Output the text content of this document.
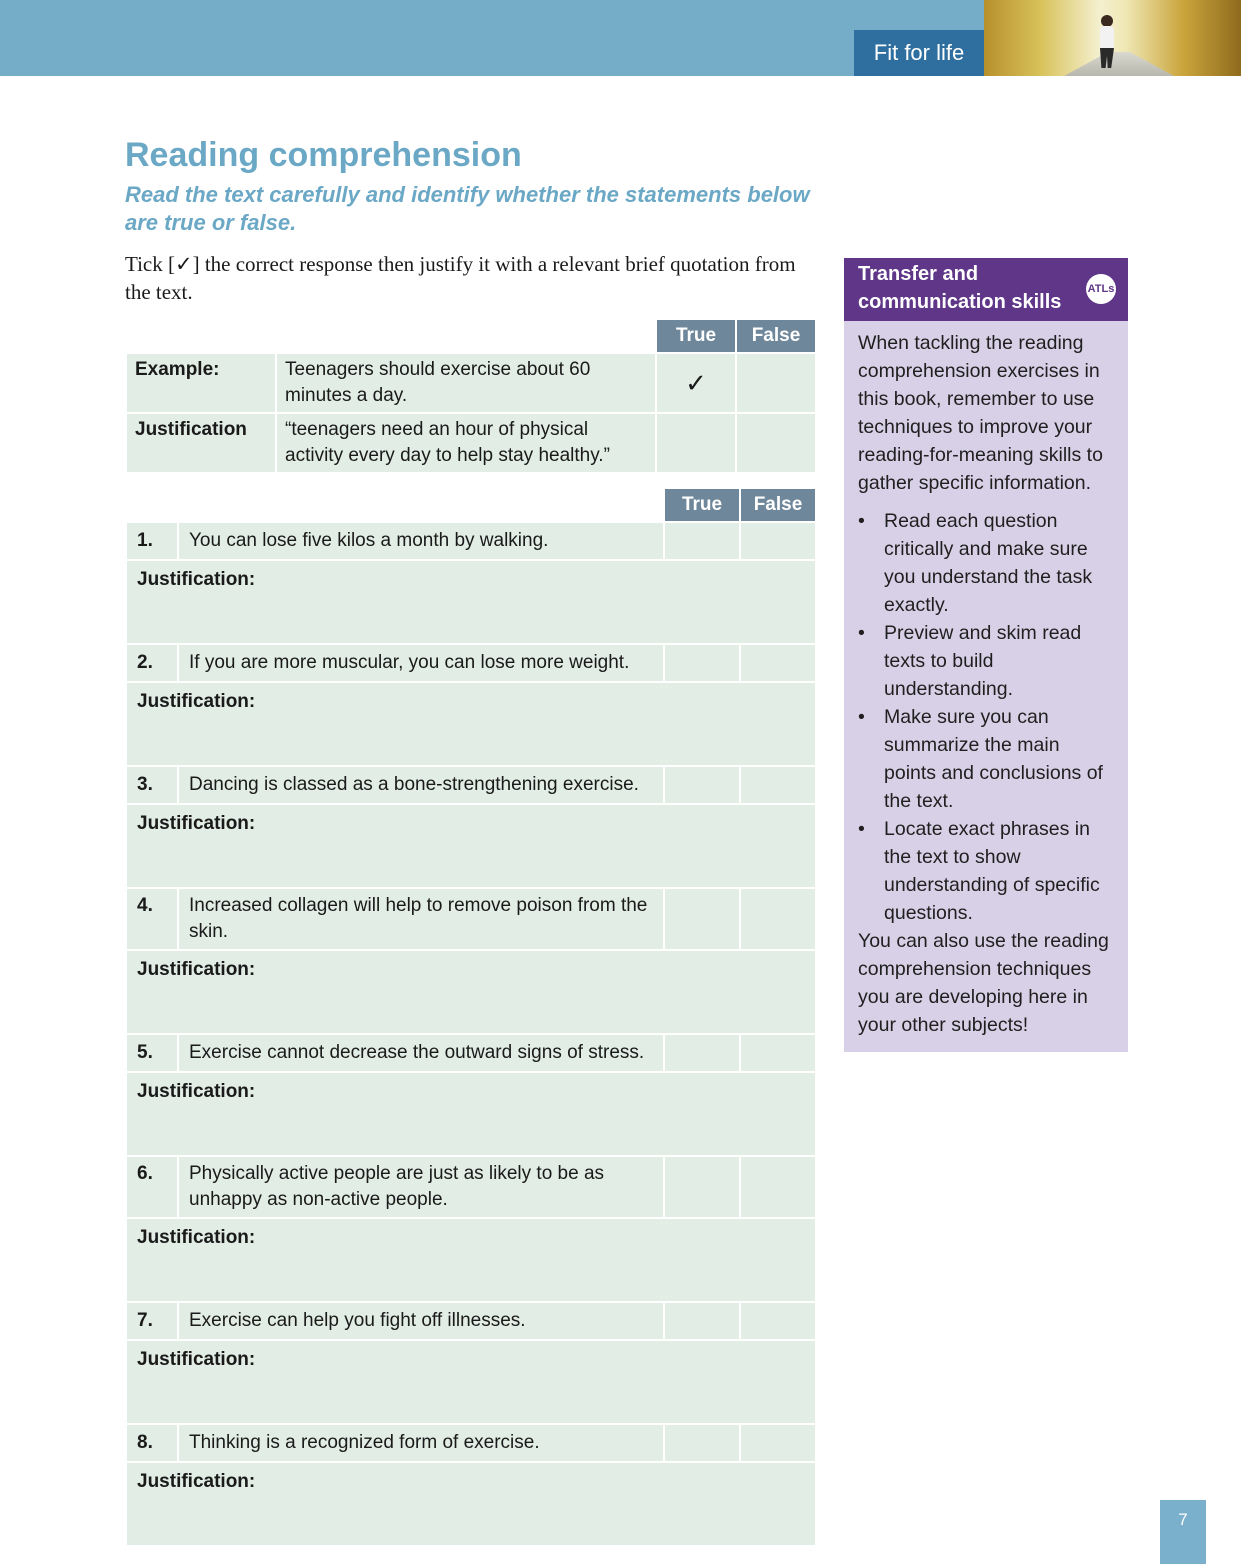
Fit for life
Reading comprehension

Read the text carefully and identify whether the statements below are true or false.

Tick [✓] the correct response then justify it with a relevant brief quotation from the text.

		True	False
Example:	Teenagers should exercise about 60 minutes a day.	✓	
Justification	“teenagers need an hour of physical activity every day to help stay healthy.”		
		True	False
1.	You can lose five kilos a month by walking.		
Justification:			
2.	If you are more muscular, you can lose more weight.		
Justification:			
3.	Dancing is classed as a bone-strengthening exercise.		
Justification:			
4.	Increased collagen will help to remove poison from the skin.		
Justification:			
5.	Exercise cannot decrease the outward signs of stress.		
Justification:			
6.	Physically active people are just as likely to be as unhappy as non-active people.		
Justification:			
7.	Exercise can help you fight off illnesses.		
Justification:			
8.	Thinking is a recognized form of exercise.		
Justification:			
Transfer and communication skills
ATLs

When tackling the reading comprehension exercises in this book, remember to use techniques to improve your reading-for-meaning skills to gather specific information.

• Read each question critically and make sure you understand the task exactly.
• Preview and skim read texts to build understanding.
• Make sure you can summarize the main points and conclusions of the text.
• Locate exact phrases in the text to show understanding of specific questions.

You can also use the reading comprehension techniques you are developing here in your other subjects!

7
